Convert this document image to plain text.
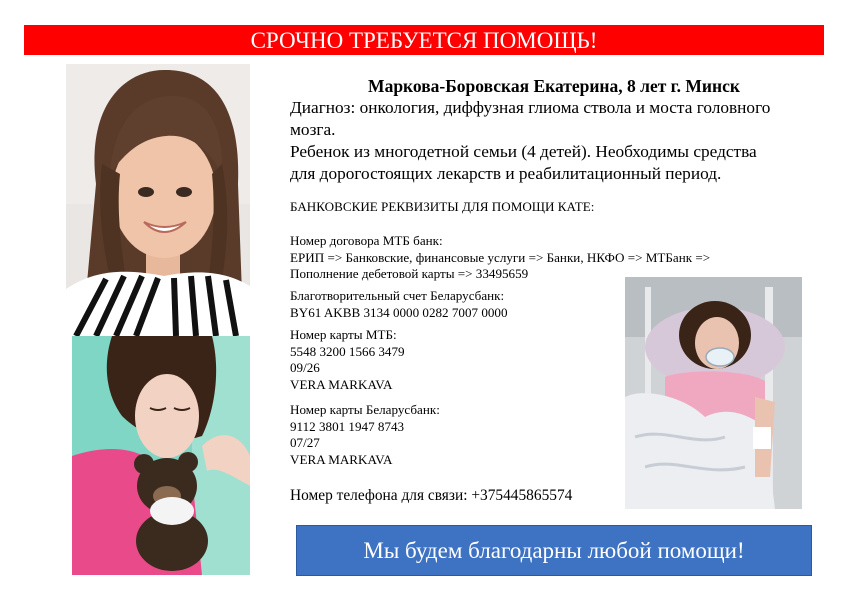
СРОЧНО ТРЕБУЕТСЯ ПОМОЩЬ!
Маркова-Боровская Екатерина, 8 лет г. Минск
Диагноз: онкология, диффузная глиома ствола и моста головного
мозга.
Ребенок из многодетной семьи (4 детей). Необходимы средства
для дорогостоящих лекарств и реабилитационный период.
БАНКОВСКИЕ РЕКВИЗИТЫ ДЛЯ ПОМОЩИ КАТЕ:
Номер договора МТБ банк:
ЕРИП => Банковские, финансовые услуги => Банки, НКФО => МТБанк =>
Пополнение дебетовой карты => 33495659
Благотворительный счет Беларусбанк:
BY61 AKBB 3134 0000 0282 7007 0000
Номер карты МТБ:
5548 3200 1566 3479
09/26
VERA MARKAVA
Номер карты Беларусбанк:
9112 3801 1947 8743
07/27
VERA MARKAVA
Номер телефона для связи: +375445865574
Мы будем благодарны любой помощи!
